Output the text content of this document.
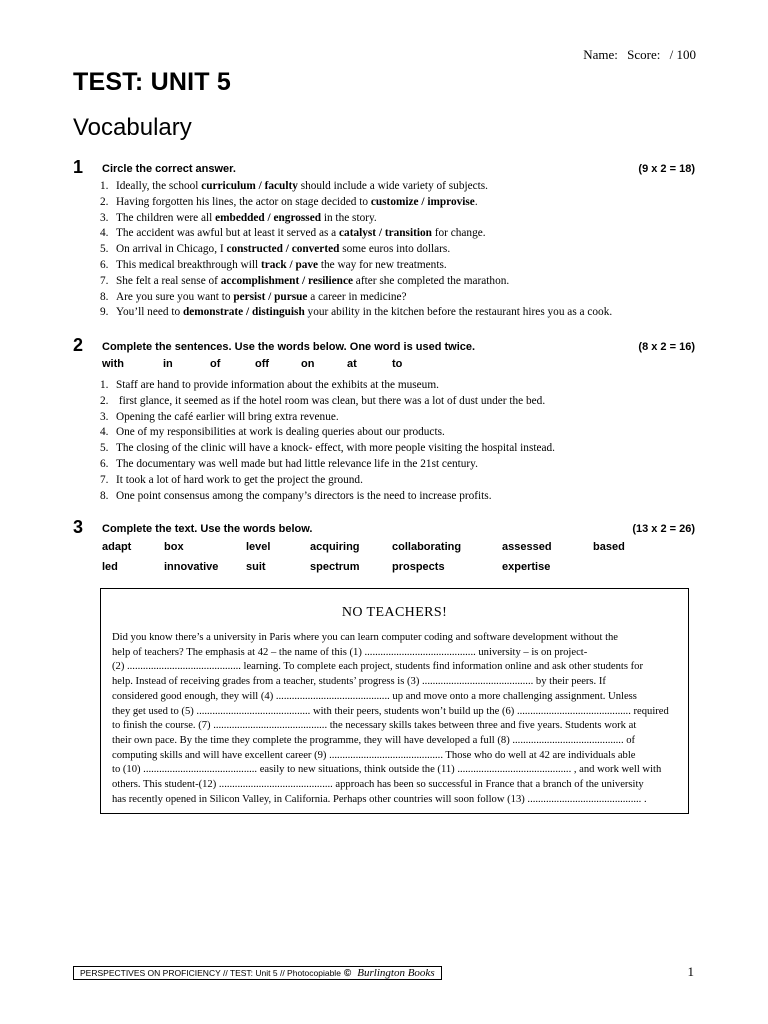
Name: Score: / 100
TEST: UNIT 5
Vocabulary
1 Circle the correct answer.	(9 x 2 = 18)
1. Ideally, the school curriculum / faculty should include a wide variety of subjects.
2. Having forgotten his lines, the actor on stage decided to customize / improvise.
3. The children were all embedded / engrossed in the story.
4. The accident was awful but at least it served as a catalyst / transition for change.
5. On arrival in Chicago, I constructed / converted some euros into dollars.
6. This medical breakthrough will track / pave the way for new treatments.
7. She felt a real sense of accomplishment / resilience after she completed the marathon.
8. Are you sure you want to persist / pursue a career in medicine?
9. You’ll need to demonstrate / distinguish your ability in the kitchen before the restaurant hires you as a cook.
2 Complete the sentences. Use the words below. One word is used twice.	(8 x 2 = 16)
with	in	of	off	on	at	to
1. Staff are hand to provide information about the exhibits at the museum.
2. first glance, it seemed as if the hotel room was clean, but there was a lot of dust under the bed.
3. Opening the café earlier will bring extra revenue.
4. One of my responsibilities at work is dealing queries about our products.
5. The closing of the clinic will have a knock- effect, with more people visiting the hospital instead.
6. The documentary was well made but had little relevance life in the 21st century.
7. It took a lot of hard work to get the project the ground.
8. One point consensus among the company’s directors is the need to increase profits.
3 Complete the text. Use the words below.	(13 x 2 = 26)
adapt	box	level	acquiring	collaborating	assessed	based
led	innovative	suit	spectrum	prospects	expertise
NO TEACHERS!
Did you know there’s a university in Paris where you can learn computer coding and software development without the
help of teachers? The emphasis at 42 – the name of this (1) .......................................... university – is on project-
(2) ........................................... learning. To complete each project, students find information online and ask other students for
help. Instead of receiving grades from a teacher, students’ progress is (3) .......................................... by their peers. If
considered good enough, they will (4) ........................................... up and move onto a more challenging assignment. Unless
they get used to (5) ........................................... with their peers, students won’t build up the (6) ........................................... required
to finish the course. (7) ........................................... the necessary skills takes between three and five years. Students work at
their own pace. By the time they complete the programme, they will have developed a full (8) .......................................... of
computing skills and will have excellent career (9) ........................................... Those who do well at 42 are individuals able
to (10) ........................................... easily to new situations, think outside the (11) ........................................... , and work well with
others. This student-(12) ........................................... approach has been so successful in France that a branch of the university
has recently opened in Silicon Valley, in California. Perhaps other countries will soon follow (13) ........................................... .
PERSPECTIVES ON PROFICIENCY // TEST: Unit 5 // Photocopiable © Burlington Books	1
